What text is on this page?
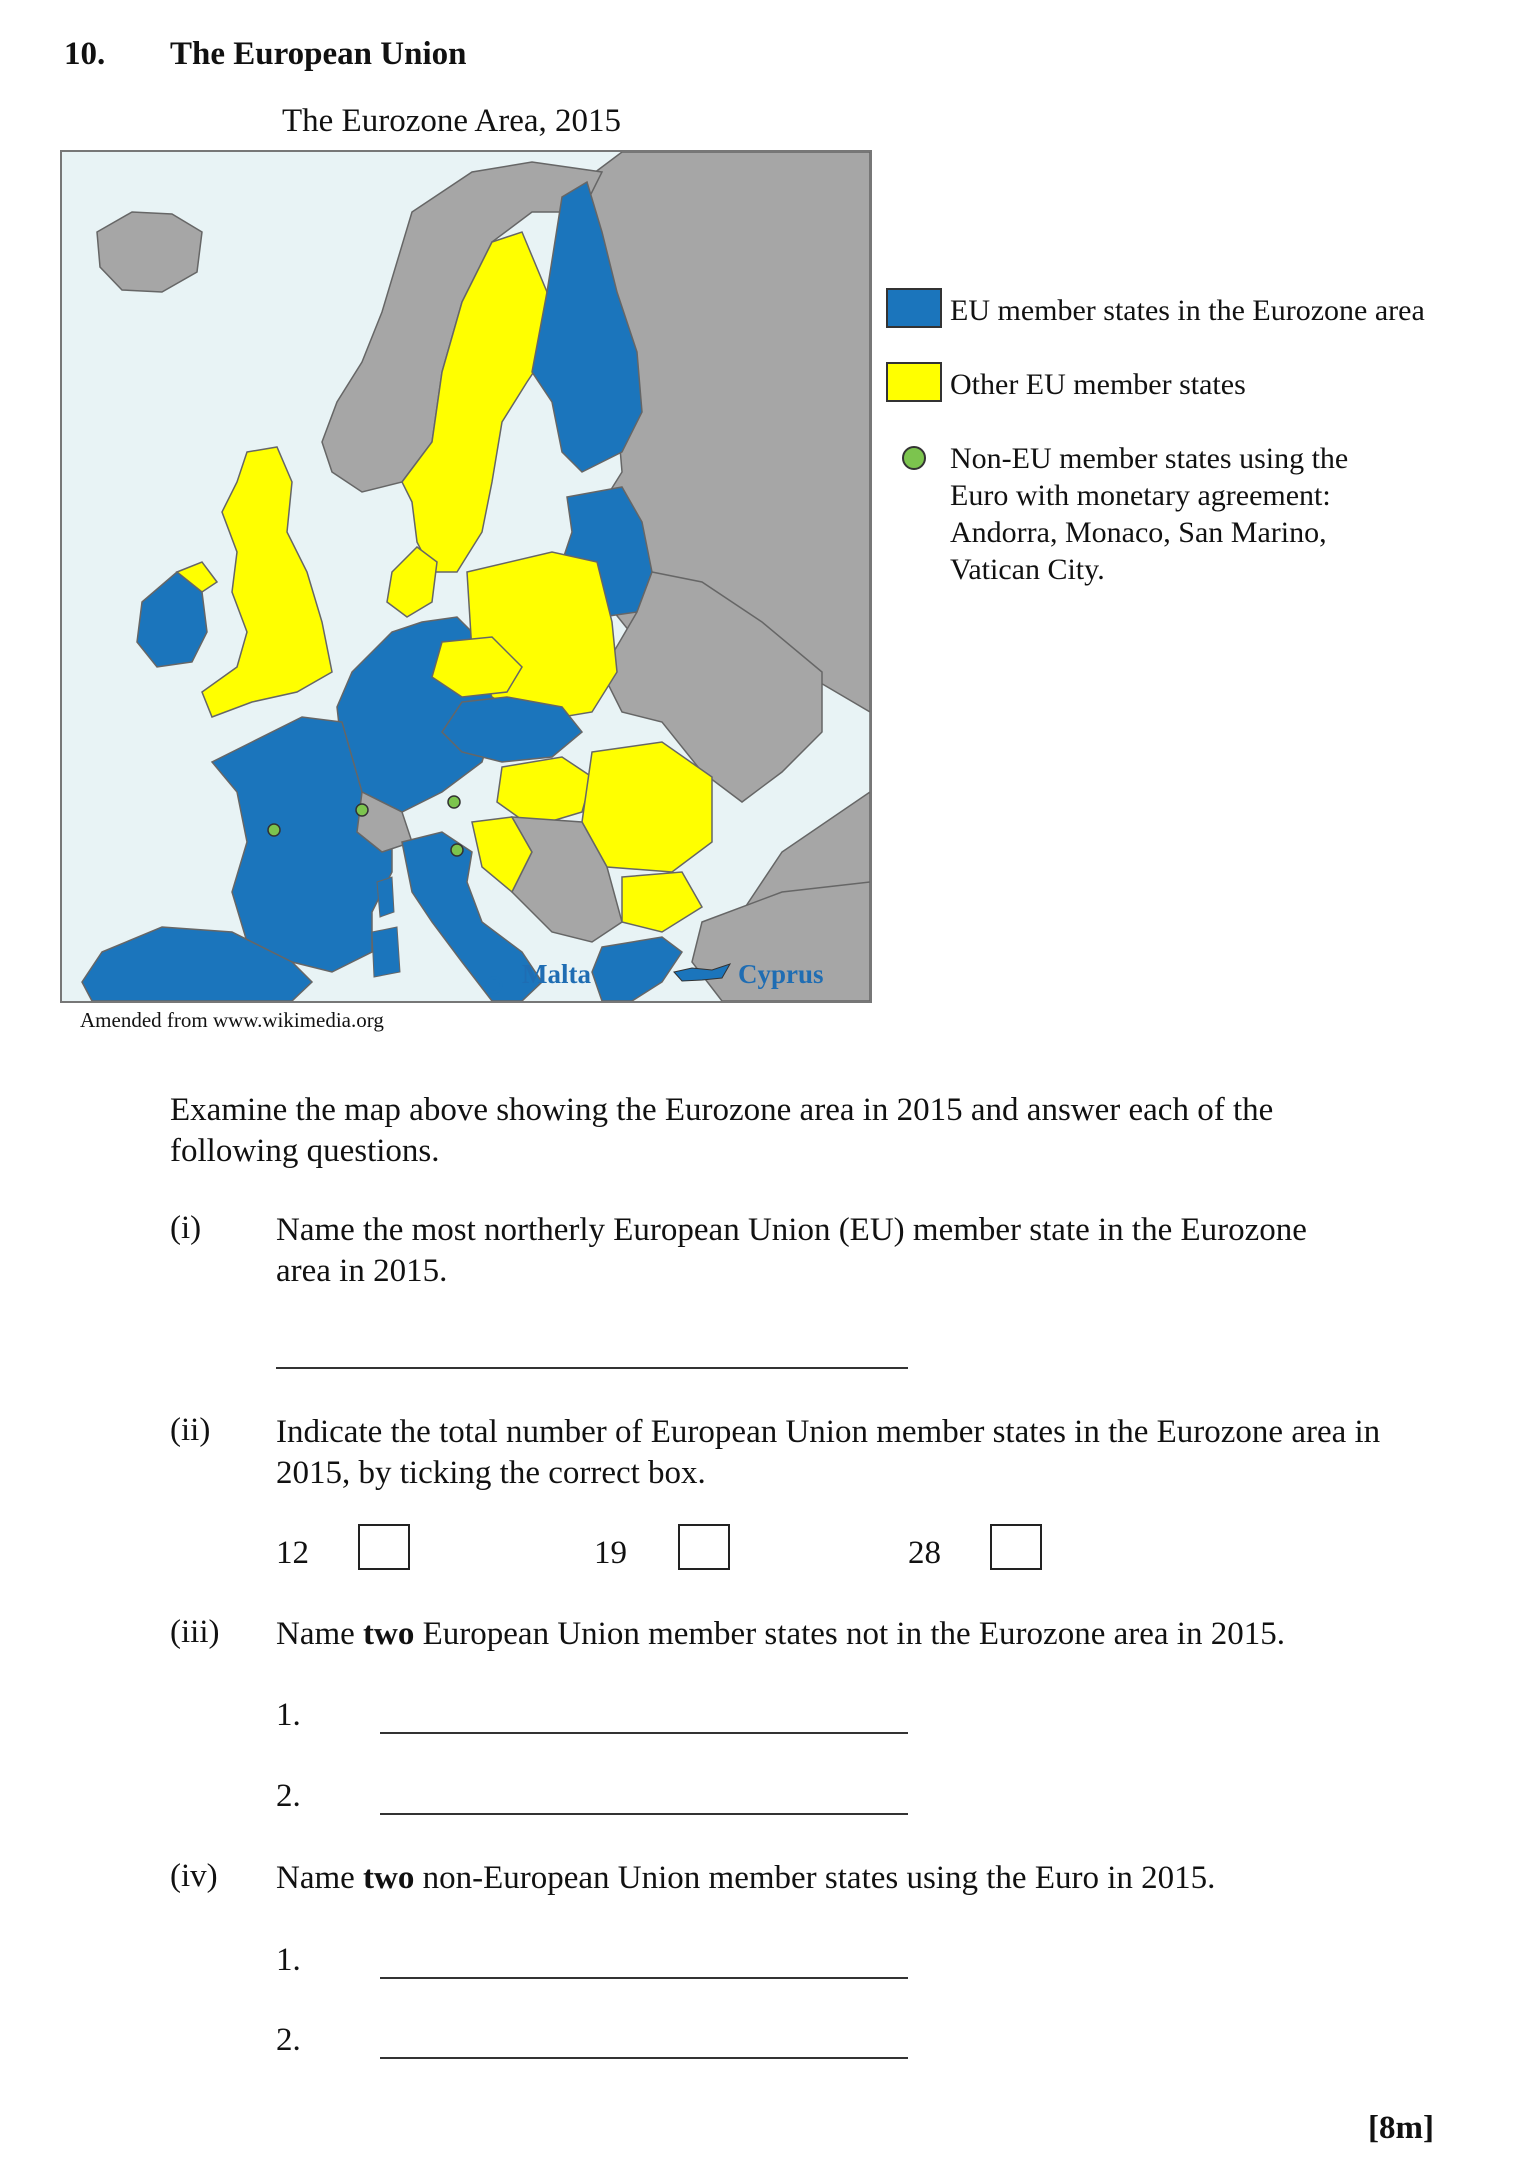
10. The European Union
The Eurozone Area, 2015
Malta	Cyprus
Amended from www.wikimedia.org
EU member states in the Eurozone area
Other EU member states
Non-EU member states using the
Euro with monetary agreement:
Andorra, Monaco, San Marino,
Vatican City.
Examine the map above showing the Eurozone area in 2015 and answer each of the
following questions.
(i) Name the most northerly European Union (EU) member state in the Eurozone
area in 2015.
(ii) Indicate the total number of European Union member states in the Eurozone area in
2015, by ticking the correct box.
12	19	28
(iii) Name two European Union member states not in the Eurozone area in 2015.
1.
2.
(iv) Name two non-European Union member states using the Euro in 2015.
1.
2.
[8m]
